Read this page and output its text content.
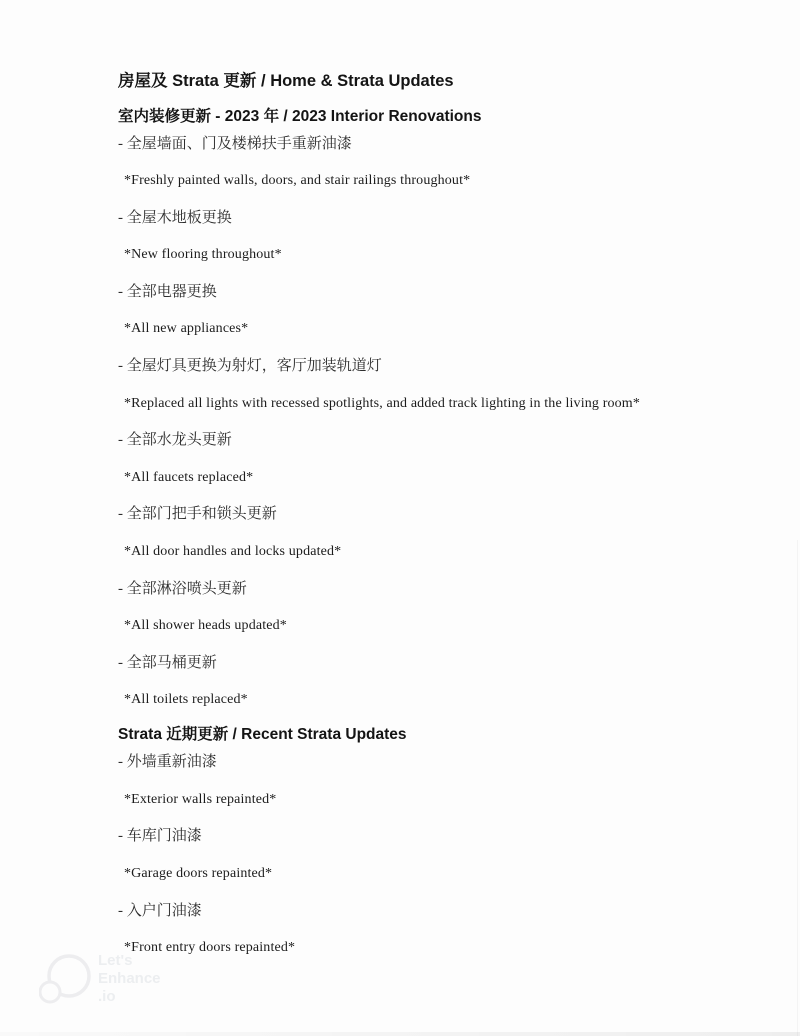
Let's
Enhance
.io
房屋及 Strata 更新 / Home & Strata Updates
室内装修更新 - 2023 年 / 2023 Interior Renovations
- 全屋墙面、门及楼梯扶手重新油漆
*Freshly painted walls, doors, and stair railings throughout*
- 全屋木地板更换
*New flooring throughout*
- 全部电器更换
*All new appliances*
- 全屋灯具更换为射灯，客厅加装轨道灯
*Replaced all lights with recessed spotlights, and added track lighting in the living room*
- 全部水龙头更新
*All faucets replaced*
- 全部门把手和锁头更新
*All door handles and locks updated*
- 全部淋浴喷头更新
*All shower heads updated*
- 全部马桶更新
*All toilets replaced*
Strata 近期更新 / Recent Strata Updates
- 外墙重新油漆
*Exterior walls repainted*
- 车库门油漆
*Garage doors repainted*
- 入户门油漆
*Front entry doors repainted*
